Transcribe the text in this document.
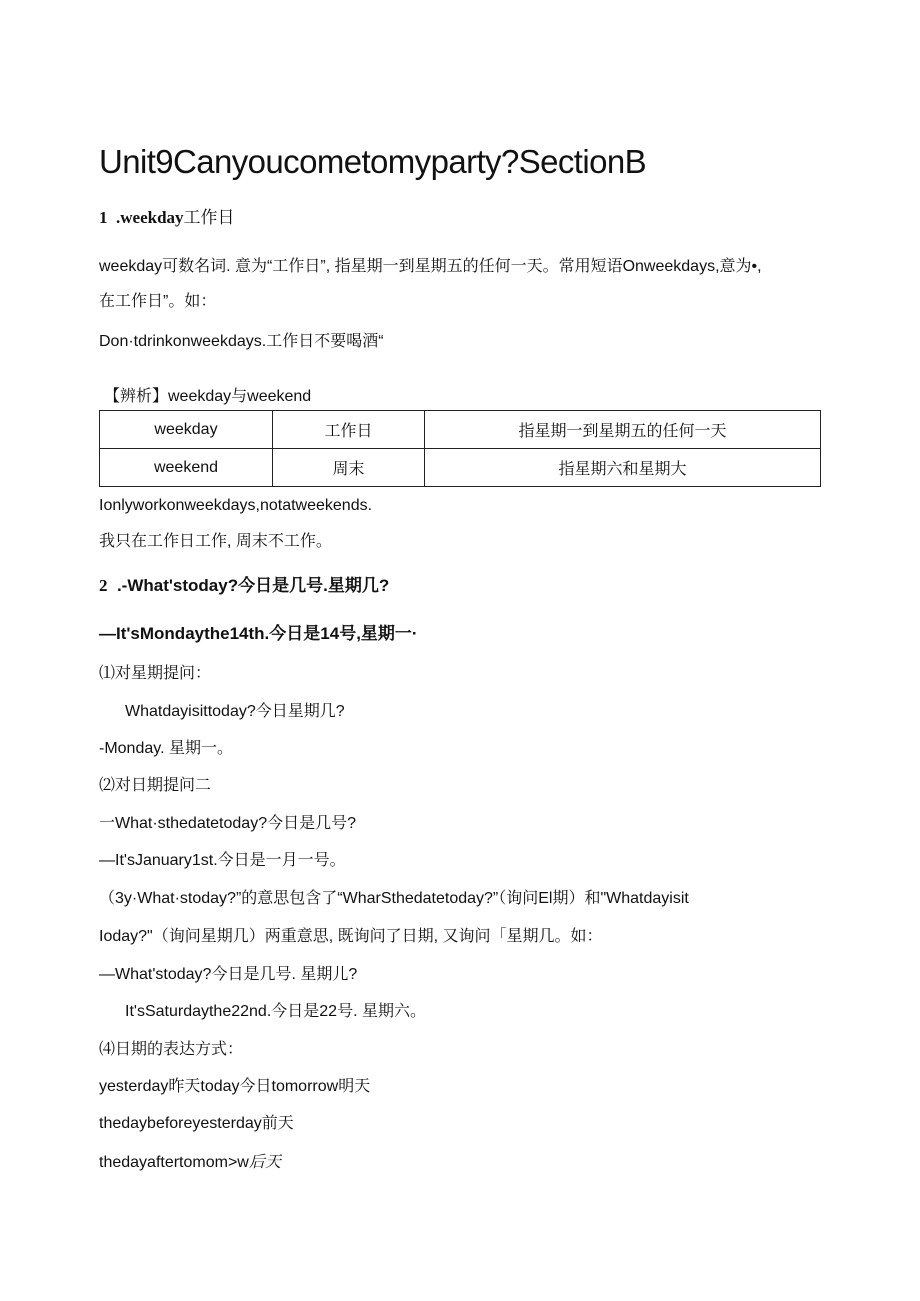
Unit9Canyoucometomyparty?SectionB
1 .weekday工作日
weekday可数名词. 意为“工作日”, 指星期一到星期五的任何一天。常用短语Onweekdays,意为•,
在工作日”。如：
Don·tdrinkonweekdays.工作日不要喝酒“
【辨析】weekday与weekend
weekday	工作日	指星期一到星期五的任何一天
weekend	周末	指星期六和星期大
Ionlyworkonweekdays,notatweekends.
我只在工作日工作, 周末不工作。
2 .-What'stoday?今日是几号.星期几?
—It'sMondaythe14th.今日是14号,星期一·
⑴对星期提问：
Whatdayisittoday?今日星期几?
-Monday. 星期一。
⑵对日期提问二
一What·sthedatetoday?今日是几号?
—It'sJanuary1st.今日是一月一号。
（3y·What·stoday?”的意思包含了“WharSthedatetoday?”（询问El期）和"Whatdayisit
Ioday?"（询问星期几）两重意思, 既询问了日期, 又询问「星期几。如：
—What'stoday?今日是几号. 星期儿?
It'sSaturdaythe22nd.今日是22号. 星期六。
⑷日期的表达方式：
yesterday昨天today今日tomorrow明天
thedaybeforeyesterday前天
thedayaftertomom>w后天
